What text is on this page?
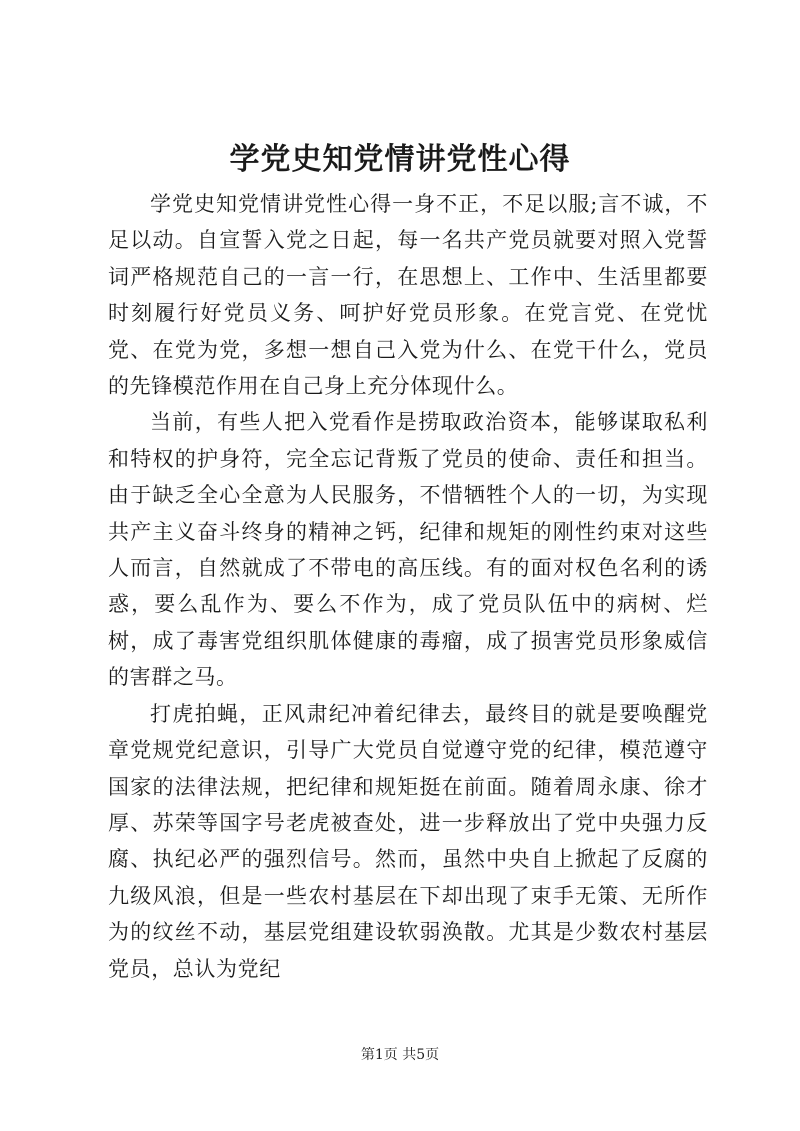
学党史知党情讲党性心得

学党史知党情讲党性心得一身不正，不足以服;言不诚，不足以动。自宣誓入党之日起，每一名共产党员就要对照入党誓词严格规范自己的一言一行，在思想上、工作中、生活里都要时刻履行好党员义务、呵护好党员形象。在党言党、在党忧党、在党为党，多想一想自己入党为什么、在党干什么，党员的先锋模范作用在自己身上充分体现什么。

当前，有些人把入党看作是捞取政治资本，能够谋取私利和特权的护身符，完全忘记背叛了党员的使命、责任和担当。由于缺乏全心全意为人民服务，不惜牺牲个人的一切，为实现共产主义奋斗终身的精神之钙，纪律和规矩的刚性约束对这些人而言，自然就成了不带电的高压线。有的面对权色名利的诱惑，要么乱作为、要么不作为，成了党员队伍中的病树、烂树，成了毒害党组织肌体健康的毒瘤，成了损害党员形象威信的害群之马。

打虎拍蝇，正风肃纪冲着纪律去，最终目的就是要唤醒党章党规党纪意识，引导广大党员自觉遵守党的纪律，模范遵守国家的法律法规，把纪律和规矩挺在前面。随着周永康、徐才厚、苏荣等国字号老虎被查处，进一步释放出了党中央强力反腐、执纪必严的强烈信号。然而，虽然中央自上掀起了反腐的九级风浪，但是一些农村基层在下却出现了束手无策、无所作为的纹丝不动，基层党组建设软弱涣散。尤其是少数农村基层党员，总认为党纪

第1页 共5页
